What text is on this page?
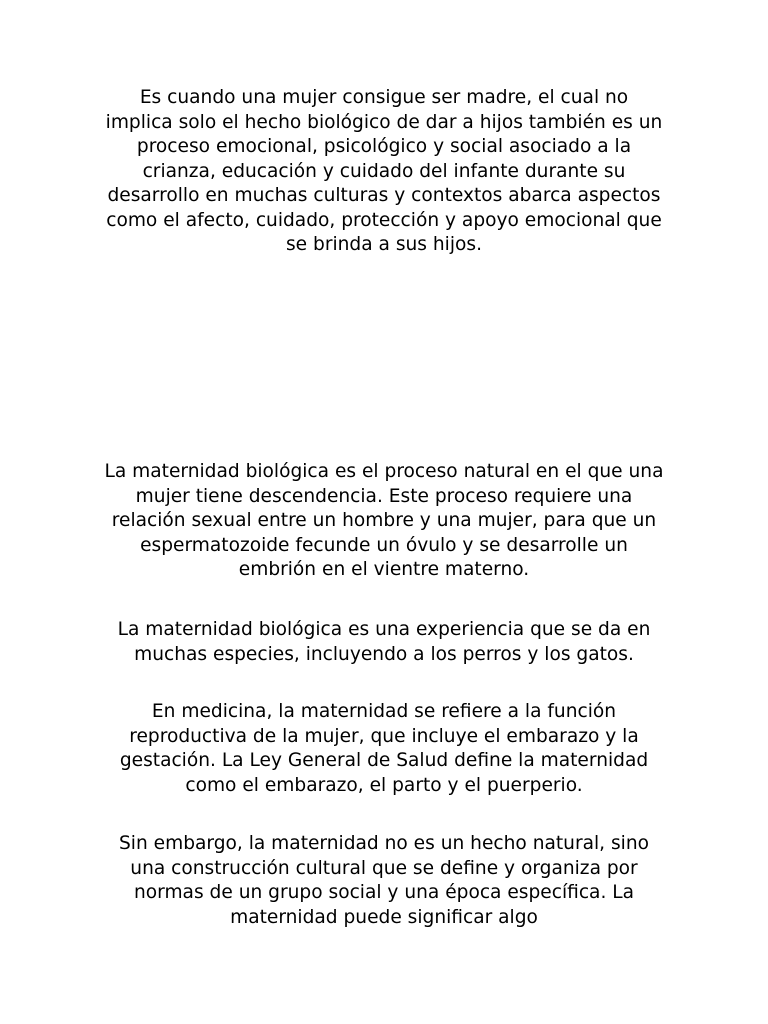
Es cuando una mujer consigue ser madre, el cual no implica solo el hecho biológico de dar a hijos también es un proceso emocional, psicológico y social asociado a la crianza, educación y cuidado del infante durante su desarrollo en muchas culturas y contextos abarca aspectos como el afecto, cuidado, protección y apoyo emocional que se brinda a sus hijos.

La maternidad biológica es el proceso natural en el que una mujer tiene descendencia. Este proceso requiere una relación sexual entre un hombre y una mujer, para que un espermatozoide fecunde un óvulo y se desarrolle un embrión en el vientre materno.

La maternidad biológica es una experiencia que se da en muchas especies, incluyendo a los perros y los gatos.

En medicina, la maternidad se refiere a la función reproductiva de la mujer, que incluye el embarazo y la gestación. La Ley General de Salud define la maternidad como el embarazo, el parto y el puerperio.

Sin embargo, la maternidad no es un hecho natural, sino una construcción cultural que se define y organiza por normas de un grupo social y una época específica. La maternidad puede significar algo
